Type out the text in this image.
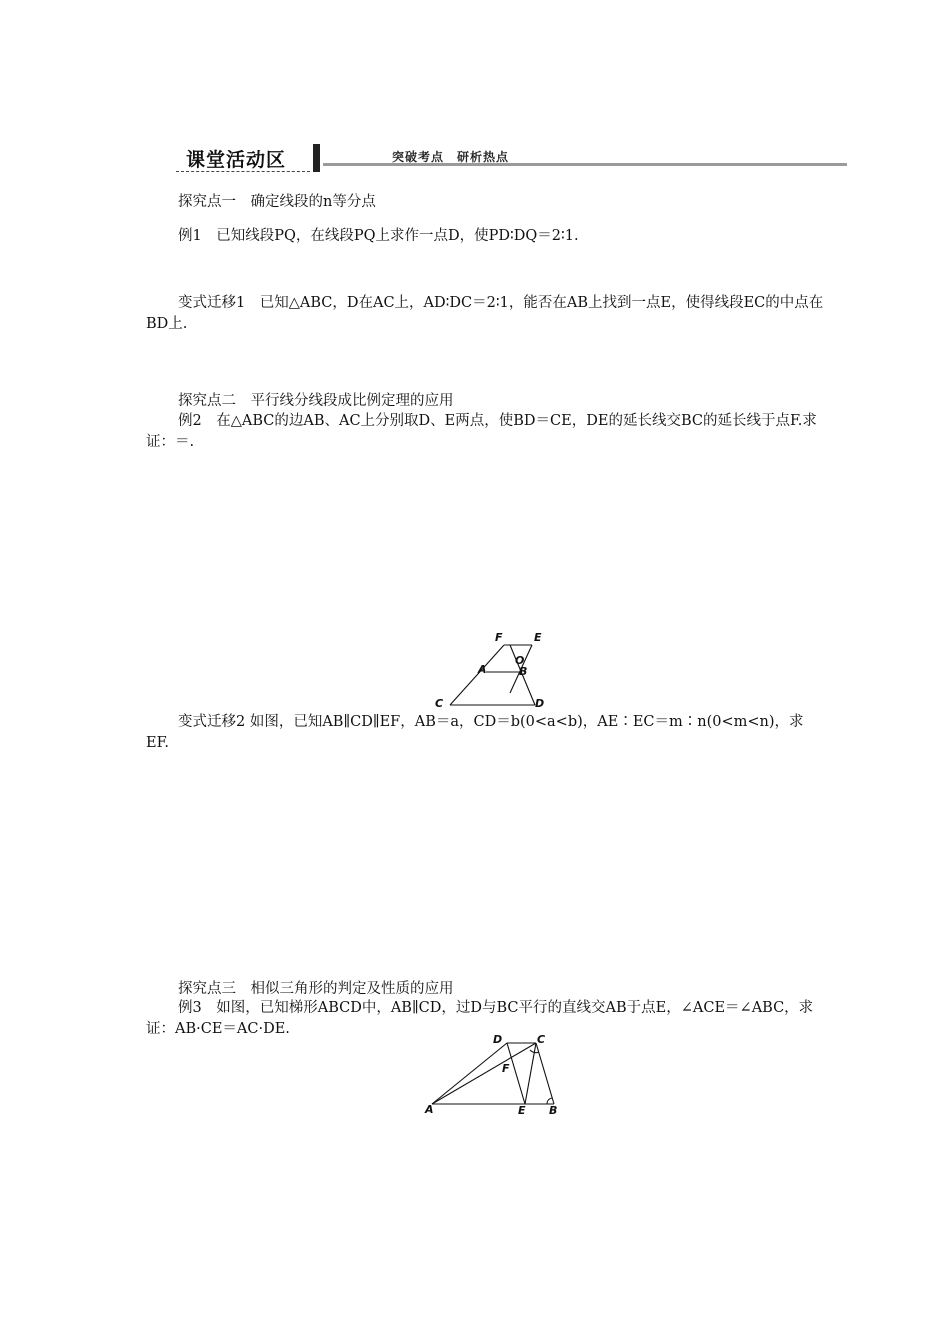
课堂活动区	突破考点　研析热点
探究点一　确定线段的n等分点
例1　已知线段PQ，在线段PQ上求作一点D，使PD∶DQ＝2∶1.
变式迁移1　已知△ABC，D在AC上，AD∶DC＝2∶1，能否在AB上找到一点E，使得线段EC的中点在BD上.
探究点二　平行线分线段成比例定理的应用
例2　在△ABC的边AB、AC上分别取D、E两点，使BD＝CE，DE的延长线交BC的延长线于点F.求证：＝.
F	E
O
A	B
C	D
变式迁移2 如图，已知AB∥CD∥EF，AB＝a，CD＝b(0<a<b)，AE∶EC＝m∶n(0<m<n)，求EF.
探究点三　相似三角形的判定及性质的应用
例3　如图，已知梯形ABCD中，AB∥CD，过D与BC平行的直线交AB于点E，∠ACE＝∠ABC，求证：AB·CE＝AC·DE.
D	C
F
A	E B
